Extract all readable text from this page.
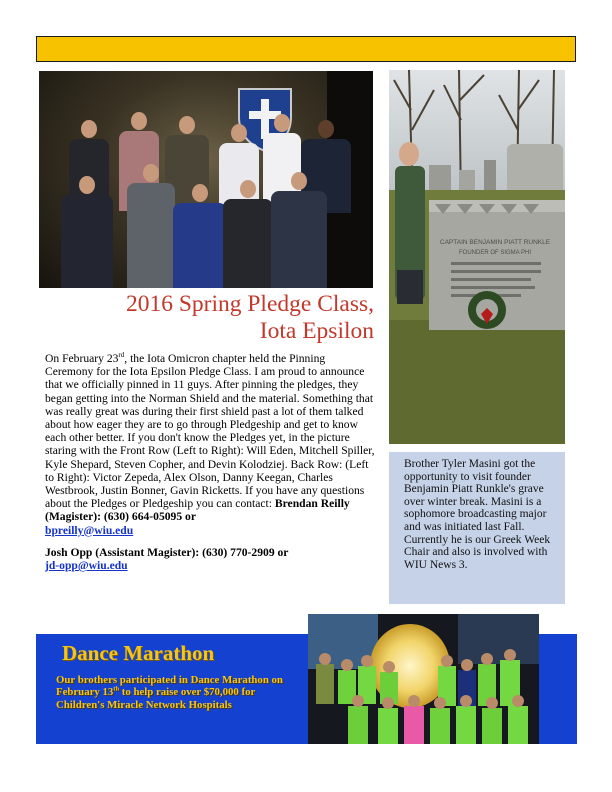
CAPTAIN BENJAMIN PIATT RUNKLE
FOUNDER OF SIGMA PHI
2016 Spring Pledge Class,
Iota Epsilon

On February 23rd, the Iota Omicron chapter held the Pinning Ceremony for the Iota Epsilon Pledge Class. I am proud to announce that we officially pinned in 11 guys. After pinning the pledges, they began getting into the Norman Shield and the material. Something that was really great was during their first shield past a lot of them talked about how eager they are to go through Pledgeship and get to know each other better. If you don't know the Pledges yet, in the picture staring with the Front Row (Left to Right): Will Eden, Mitchell Spiller, Kyle Shepard, Steven Copher, and Devin Kolodziej. Back Row: (Left to Right): Victor Zepeda, Alex Olson, Danny Keegan, Charles Westbrook, Justin Bonner, Gavin Ricketts. If you have any questions about the Pledges or Pledgeship you can contact: Brendan Reilly (Magister): (630) 664-05095 or

bpreilly@wiu.edu

Josh Opp (Assistant Magister): (630) 770-2909 or

jd-opp@wiu.edu

Brother Tyler Masini got the opportunity to visit founder Benjamin Piatt Runkle's grave over winter break. Masini is a sophomore broadcasting major and was initiated last Fall. Currently he is our Greek Week Chair and also is involved with WIU News 3.
Dance Marathon
Our brothers participated in Dance Marathon on February 13th to help raise over $70,000 for Children's Miracle Network Hospitals
